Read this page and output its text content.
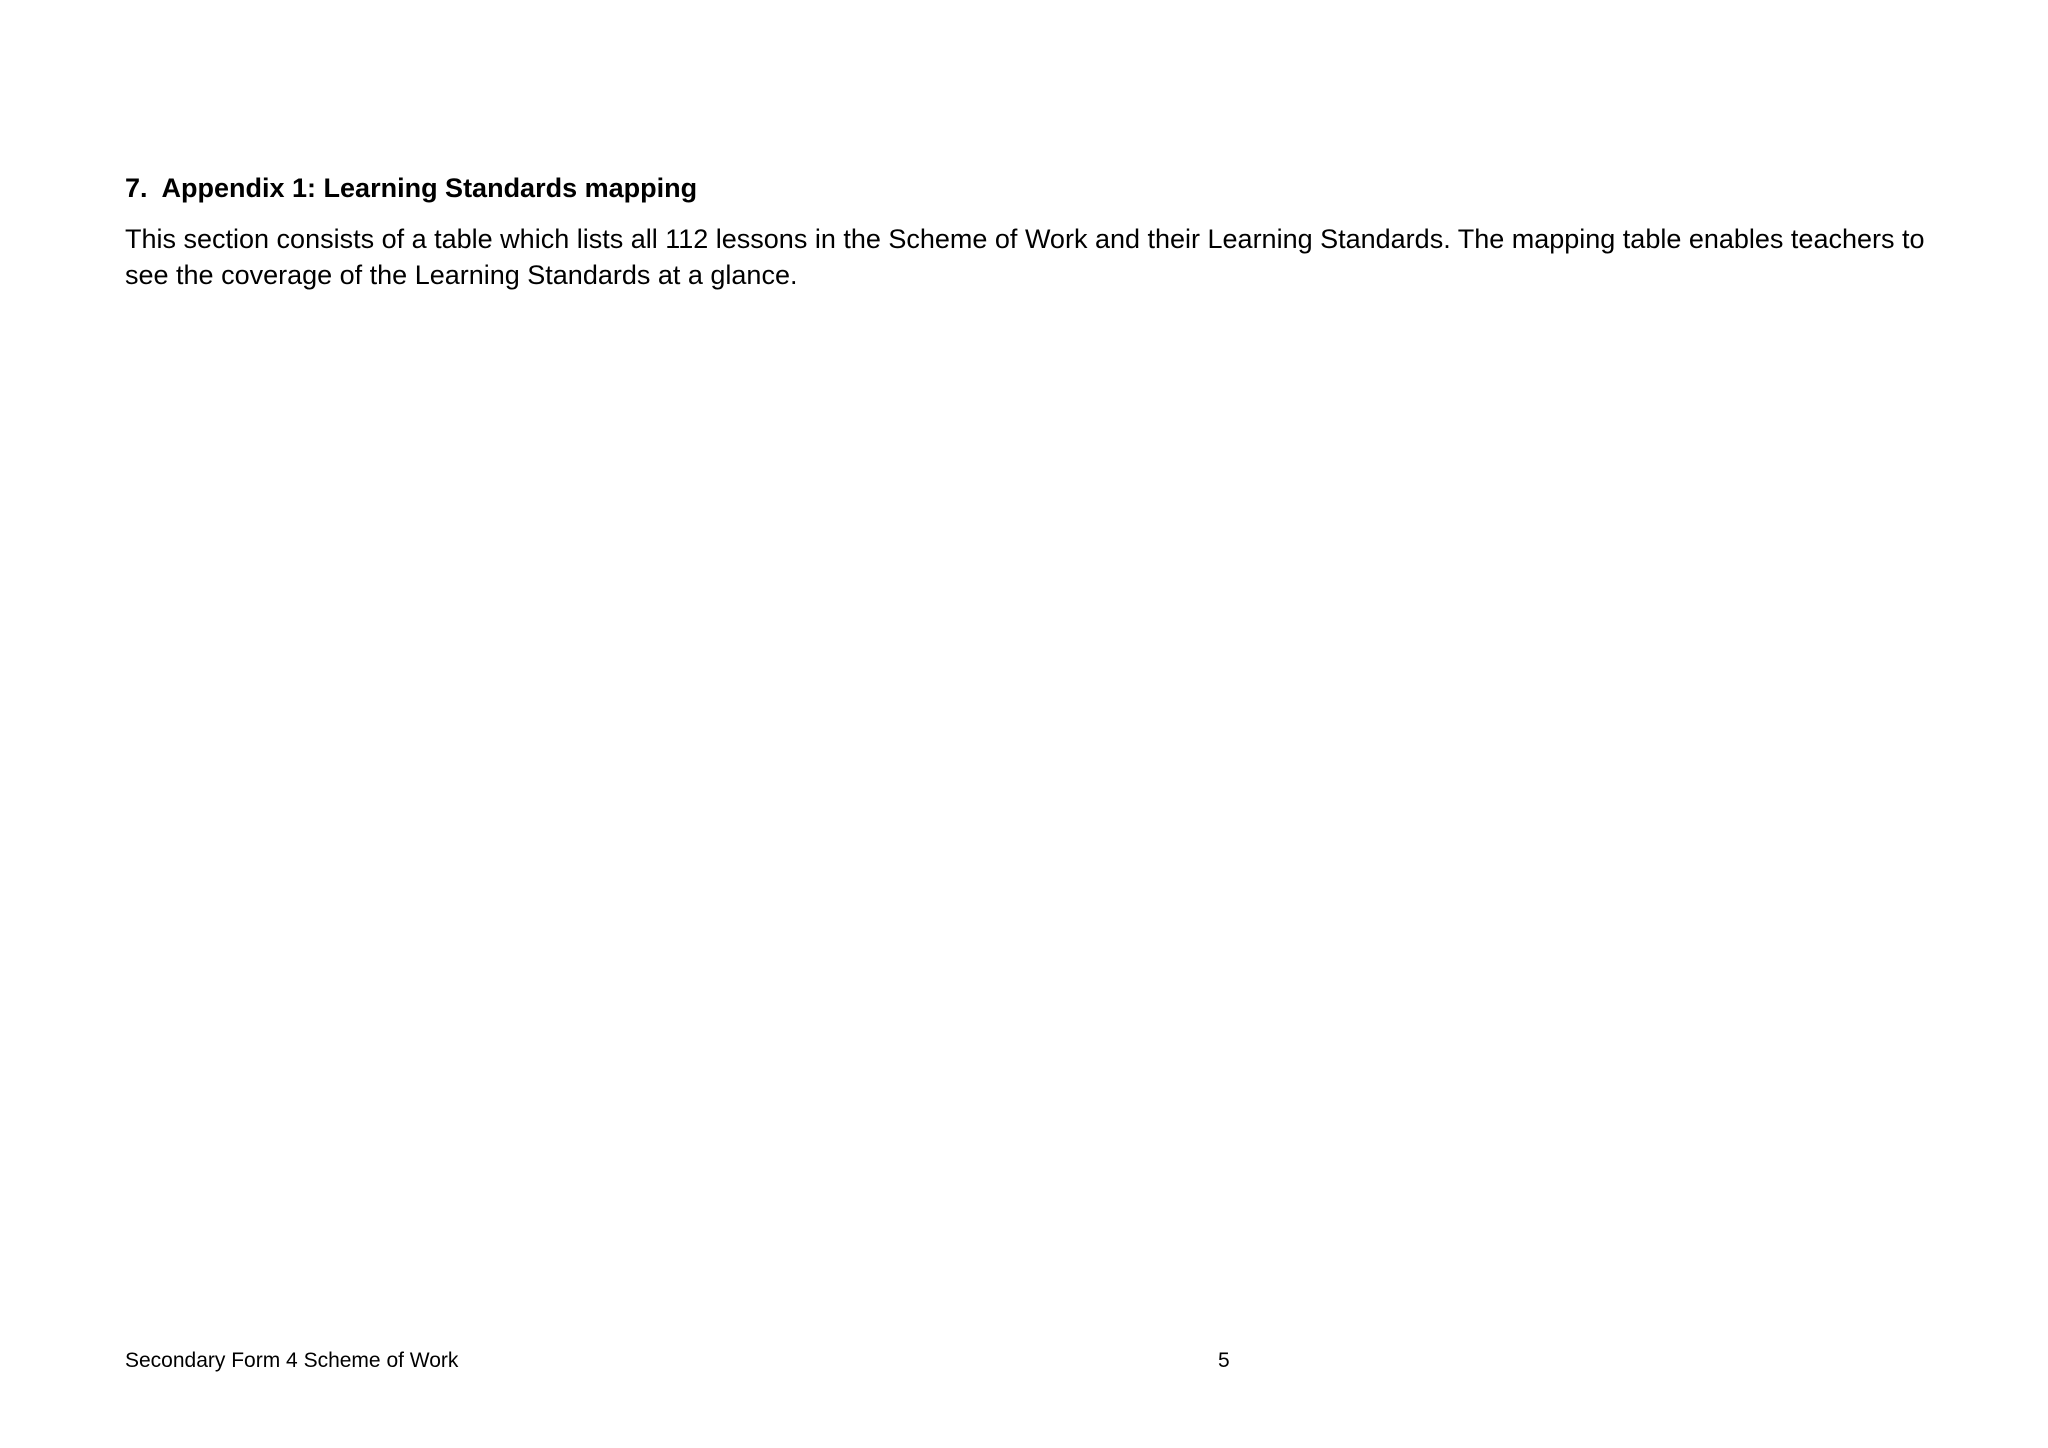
7. Appendix 1: Learning Standards mapping

This section consists of a table which lists all 112 lessons in the Scheme of Work and their Learning Standards. The mapping table enables teachers to see the coverage of the Learning Standards at a glance.

Secondary Form 4 Scheme of Work	5
